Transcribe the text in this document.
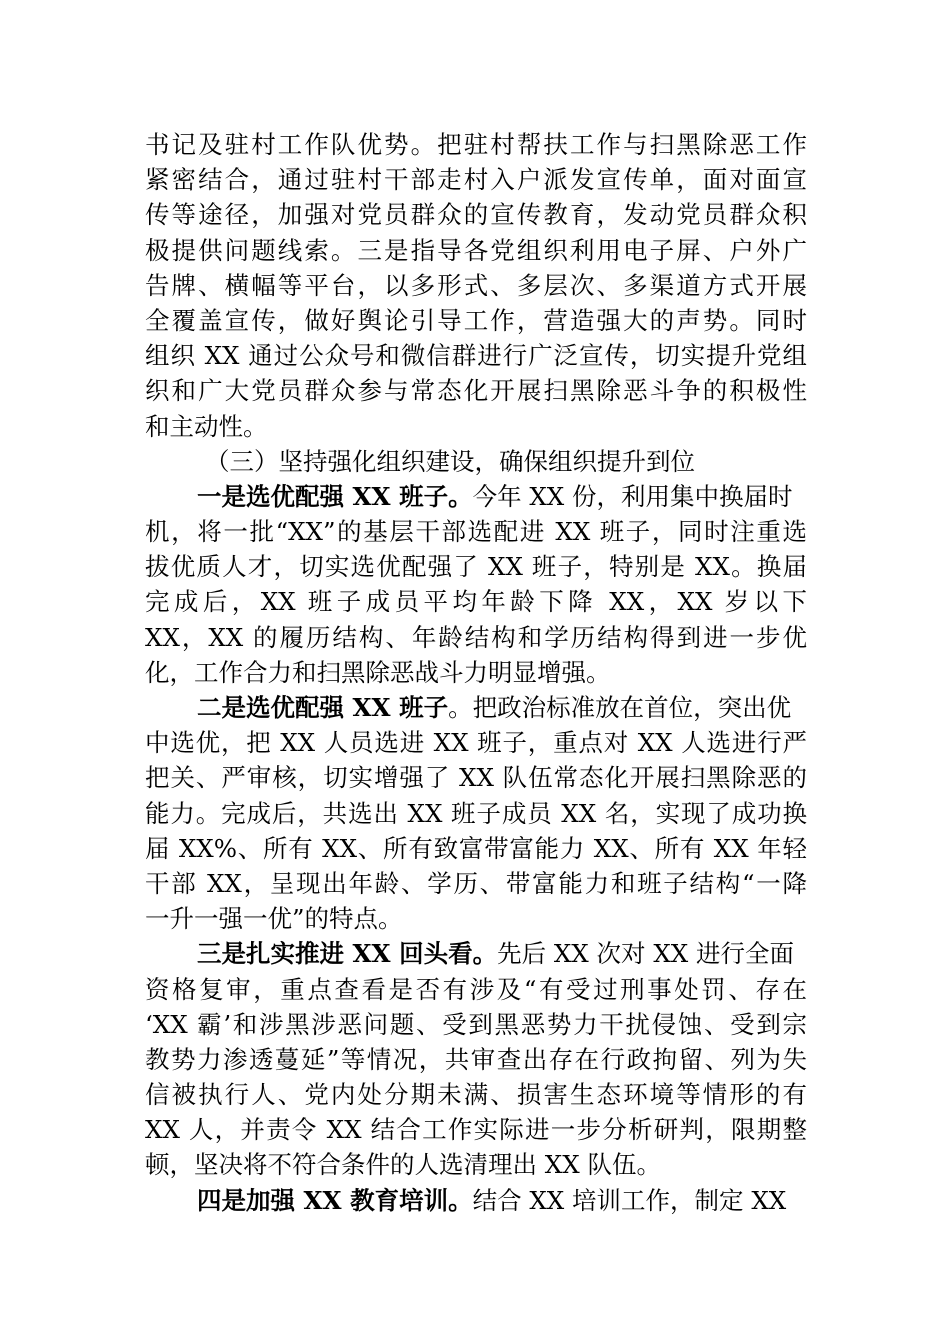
书记及驻村工作队优势。把驻村帮扶工作与扫黑除恶工作
紧密结合，通过驻村干部走村入户派发宣传单，面对面宣
传等途径，加强对党员群众的宣传教育，发动党员群众积
极提供问题线索。三是指导各党组织利用电子屏、户外广
告牌、横幅等平台，以多形式、多层次、多渠道方式开展
全覆盖宣传，做好舆论引导工作，营造强大的声势。同时
组织 XX 通过公众号和微信群进行广泛宣传，切实提升党组
织和广大党员群众参与常态化开展扫黑除恶斗争的积极性
和主动性。
（三）坚持强化组织建设，确保组织提升到位
一是选优配强 XX 班子。今年 XX 份，利用集中换届时
机，将一批“XX”的基层干部选配进 XX 班子，同时注重选
拔优质人才，切实选优配强了 XX 班子，特别是 XX。换届
完成后，XX 班子成员平均年龄下降 XX，XX 岁以下
XX，XX 的履历结构、年龄结构和学历结构得到进一步优
化，工作合力和扫黑除恶战斗力明显增强。
二是选优配强 XX 班子。把政治标准放在首位，突出优
中选优，把 XX 人员选进 XX 班子，重点对 XX 人选进行严
把关、严审核，切实增强了 XX 队伍常态化开展扫黑除恶的
能力。完成后，共选出 XX 班子成员 XX 名，实现了成功换
届 XX%、所有 XX、所有致富带富能力 XX、所有 XX 年轻
干部 XX，呈现出年龄、学历、带富能力和班子结构“一降
一升一强一优”的特点。
三是扎实推进 XX 回头看。先后 XX 次对 XX 进行全面
资格复审，重点查看是否有涉及“有受过刑事处罚、存在
‘XX 霸’和涉黑涉恶问题、受到黑恶势力干扰侵蚀、受到宗
教势力渗透蔓延”等情况，共审查出存在行政拘留、列为失
信被执行人、党内处分期未满、损害生态环境等情形的有
XX 人，并责令 XX 结合工作实际进一步分析研判，限期整
顿，坚决将不符合条件的人选清理出 XX 队伍。
四是加强 XX 教育培训。结合 XX 培训工作，制定 XX
